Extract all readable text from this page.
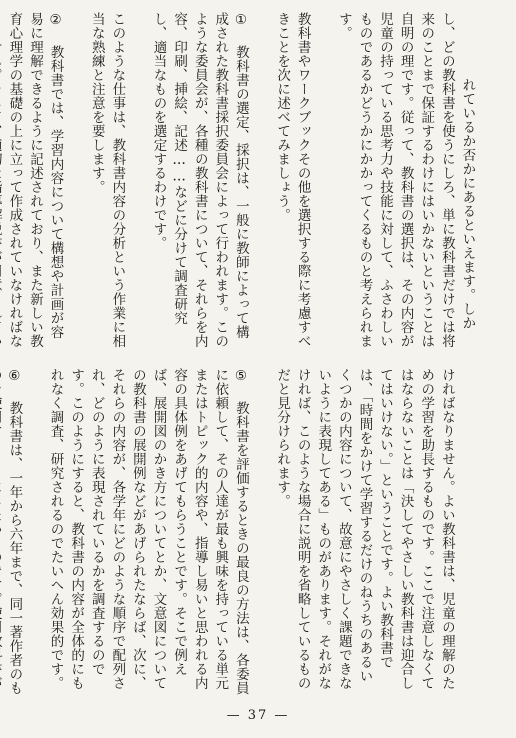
れているか否かにあるといえます。しかし、どの教科書を使うにしろ、単に教科書だけでは将来のことまで保証するわけにはいかないということは自明の理です。従って、教科書の選択は、その内容が児童の持っている思考力や技能に対して、ふさわしいものであるかどうかにかかってくるものと考えられます。

教科書やワークブックその他を選択する際に考慮すべきことを次に述べてみましょう。

① 教科書の選定、採択は、一般に教師によって構成された教科書採択委員会によって行われます。このような委員会が、各種の教科書について、それらを内容、印刷、挿絵、記述……などに分けて調査研究し、適当なものを選定するわけです。

このような仕事は、教科書内容の分析という作業に相当な熟練と注意を要します。

② 教科書では、学習内容について構想や計画が容易に理解できるように記述されており、また新しい教育心理学の基礎の上に立って作成されていなければな

ければなりません。よい教科書は、児童の理解のための学習を助長するものです。ここで注意しなくてはならないことは「決してやさしい教科書は迎合してはいけない。」ということです。よい教科書では、「時間をかけて学習するだけのねうちのあるいくつかの内容について、故意にやさしく課題できないように表現してある」ものがあります。それがなければ、このような場合に説明を省略しているものだと見分けられます。

⑤ 教科書を評価するときの最良の方法は、各委員に依頼して、その人達が最も興味を持っている単元またはトピック的内容や、指導し易いと思われる内容の具体例をあげてもらうことです。そこで例えば、展開図のかき方についてとか、文意図についての教科書の展開例などがあげられたならば、次に、それらの内容が、各学年にどのような順序で配列され、どのように表現されているかを調査するのです。このようにすると、教科書の内容が全体的にもれなく調査、研究されるのでたいへん効果的です。

⑥ 教科書は、一年から六年まで、同一著作者のも

— 37 —
